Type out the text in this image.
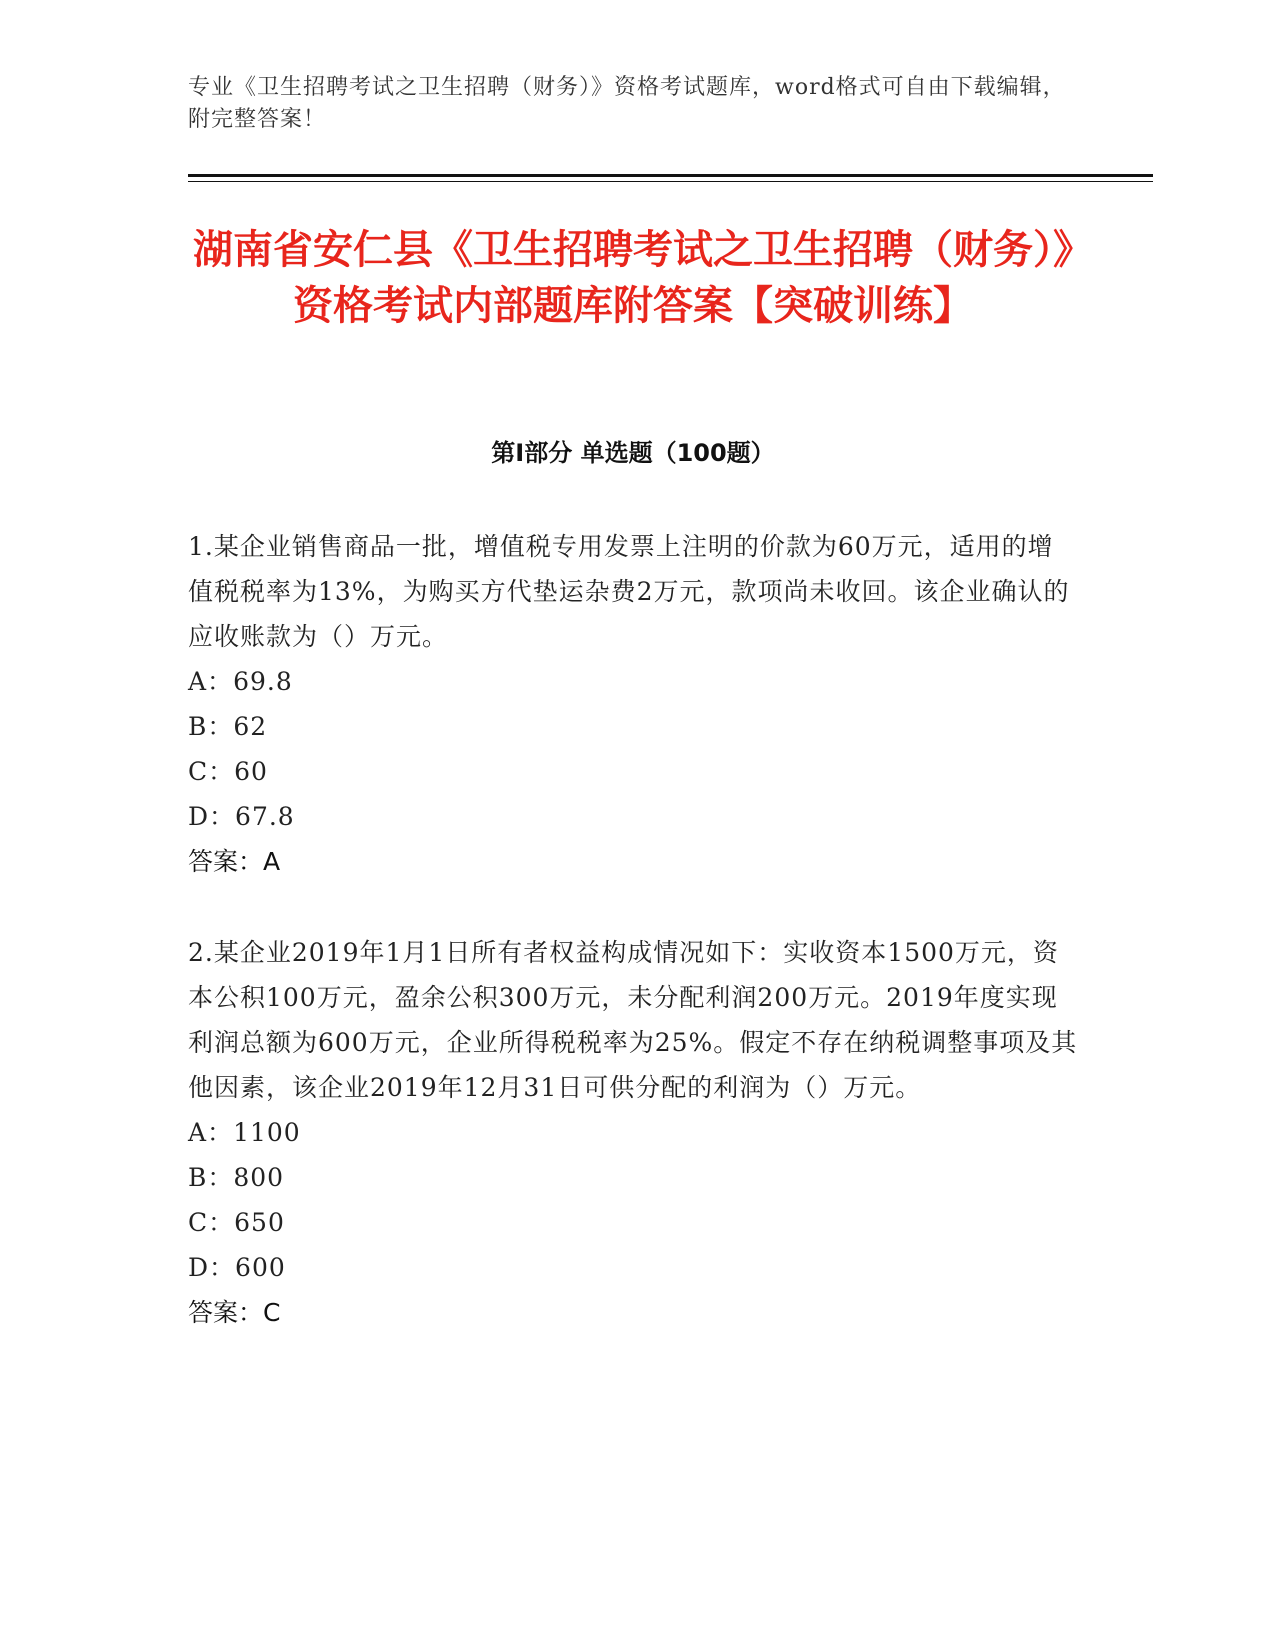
专业《卫生招聘考试之卫生招聘（财务）》资格考试题库，word格式可自由下载编辑，附完整答案！
湖南省安仁县《卫生招聘考试之卫生招聘（财务）》资格考试内部题库附答案【突破训练】
第Ⅰ部分 单选题（100题）

1.某企业销售商品一批，增值税专用发票上注明的价款为60万元，适用的增值税税率为13%，为购买方代垫运杂费2万元，款项尚未收回。该企业确认的应收账款为（）万元。

A：69.8

B：62

C：60

D：67.8

答案：A

2.某企业2019年1月1日所有者权益构成情况如下：实收资本1500万元，资本公积100万元，盈余公积300万元，未分配利润200万元。2019年度实现利润总额为600万元，企业所得税税率为25%。假定不存在纳税调整事项及其他因素，该企业2019年12月31日可供分配的利润为（）万元。

A：1100

B：800

C：650

D：600

答案：C
